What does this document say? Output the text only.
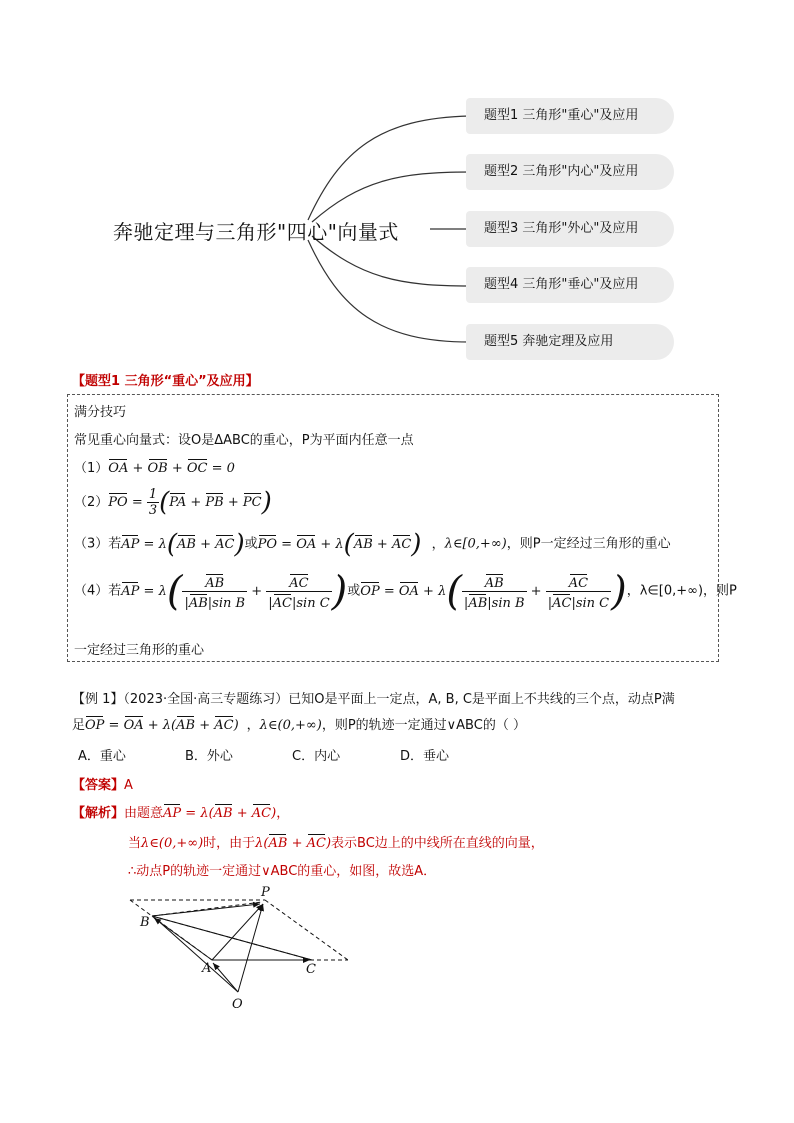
奔驰定理与三角形"四心"向量式
题型1 三角形"重心"及应用
题型2 三角形"内心"及应用
题型3 三角形"外心"及应用
题型4 三角形"垂心"及应用
题型5 奔驰定理及应用
【题型1 三角形“重心”及应用】
满分技巧
常见重心向量式：设O是ΔABC的重心，P为平面内任意一点
（1）OA + OB + OC = 0
$(2)PO = \frac{1}{3} (PA$ + PB + PC)
（3）若AP = λ(AB + AC)或PO = OA + λ(AB + AC) ，λ∈[0,+∞)，则P一定经过三角形的重心
（4）若AP = $\lambda( \frac{AB}{\text{|AB|sin B}} + \frac{AC}{\text{|AC|sin C}}$ )或OP = OA + $\lambda( \frac{AB}{\text{|AB|sin B}} + \frac{AC}{\text{|AC|sin C}}$ )，λ∈[0,+∞)，则P
一定经过三角形的重心
【例 1】（2023·全国·高三专题练习）已知O是平面上一定点，A, B, C是平面上不共线的三个点，动点P满
足OP = OA + λ(AB + AC) ，λ∈(0,+∞)，则P的轨迹一定通过∨ABC的（ ）
A．重心	B．外心	C．内心	D．垂心
【答案】A
【解析】由题意AP = λ(AB + AC)，
当λ∈(0,+∞)时，由于λ(AB + AC)表示BC边上的中线所在直线的向量，
∴动点P的轨迹一定通过∨ABC的重心，如图，故选A．
P
B
A	C
O
